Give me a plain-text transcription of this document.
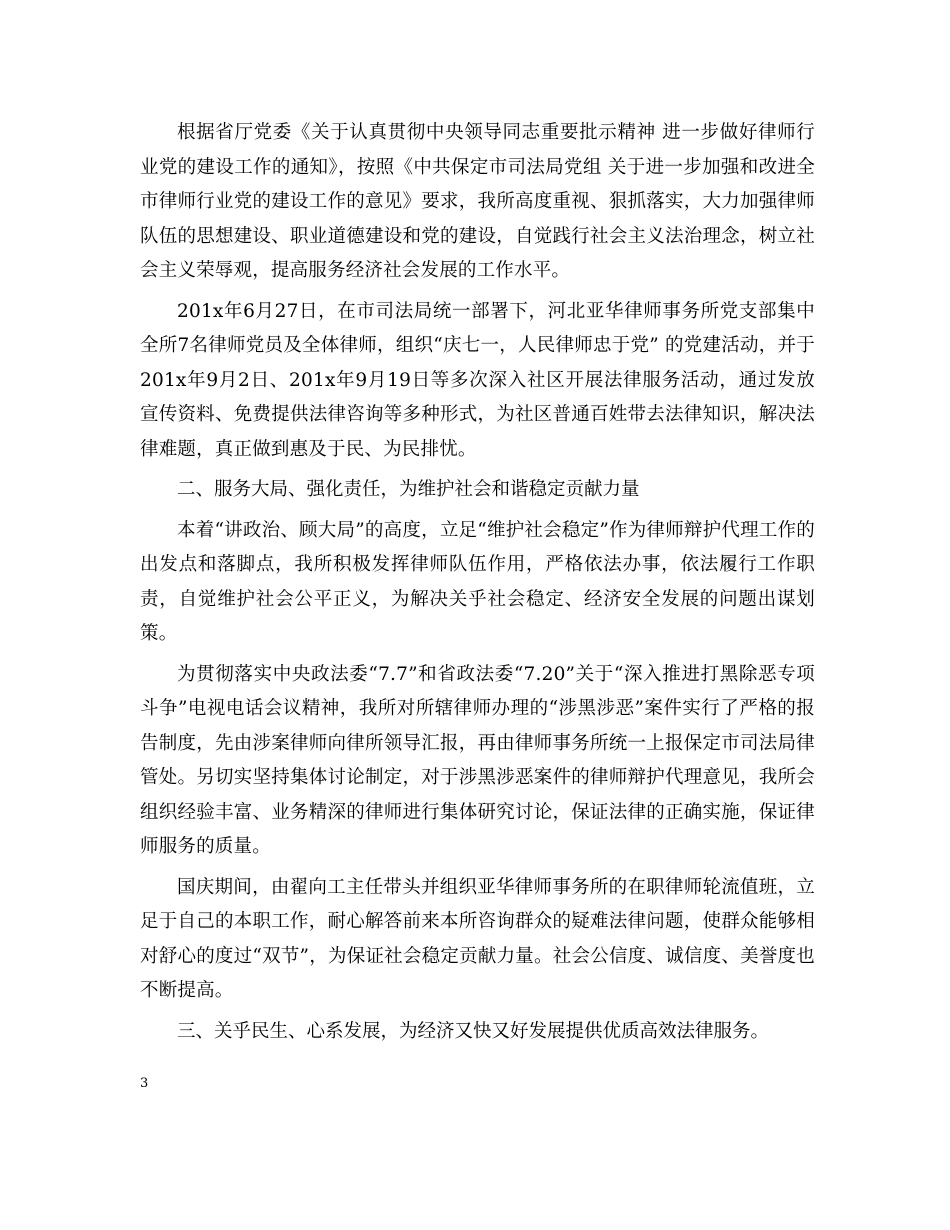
根据省厅党委《关于认真贯彻中央领导同志重要批示精神 进一步做好律师行业党的建设工作的通知》，按照《中共保定市司法局党组 关于进一步加强和改进全市律师行业党的建设工作的意见》要求，我所高度重视、狠抓落实，大力加强律师队伍的思想建设、职业道德建设和党的建设，自觉践行社会主义法治理念，树立社会主义荣辱观，提高服务经济社会发展的工作水平。

201x年6月27日，在市司法局统一部署下，河北亚华律师事务所党支部集中全所7名律师党员及全体律师，组织“庆七一，人民律师忠于党” 的党建活动，并于201x年9月2日、201x年9月19日等多次深入社区开展法律服务活动，通过发放宣传资料、免费提供法律咨询等多种形式，为社区普通百姓带去法律知识，解决法律难题，真正做到惠及于民、为民排忧。

二、服务大局、强化责任，为维护社会和谐稳定贡献力量

本着“讲政治、顾大局”的高度，立足“维护社会稳定”作为律师辩护代理工作的出发点和落脚点，我所积极发挥律师队伍作用，严格依法办事，依法履行工作职责，自觉维护社会公平正义，为解决关乎社会稳定、经济安全发展的问题出谋划策。

为贯彻落实中央政法委“7.7”和省政法委“7.20”关于“深入推进打黑除恶专项斗争”电视电话会议精神，我所对所辖律师办理的“涉黑涉恶”案件实行了严格的报告制度，先由涉案律师向律所领导汇报，再由律师事务所统一上报保定市司法局律管处。另切实坚持集体讨论制定，对于涉黑涉恶案件的律师辩护代理意见，我所会组织经验丰富、业务精深的律师进行集体研究讨论，保证法律的正确实施，保证律师服务的质量。

国庆期间，由翟向工主任带头并组织亚华律师事务所的在职律师轮流值班，立足于自己的本职工作，耐心解答前来本所咨询群众的疑难法律问题，使群众能够相对舒心的度过“双节”，为保证社会稳定贡献力量。社会公信度、诚信度、美誉度也不断提高。

三、关乎民生、心系发展，为经济又快又好发展提供优质高效法律服务。

3
